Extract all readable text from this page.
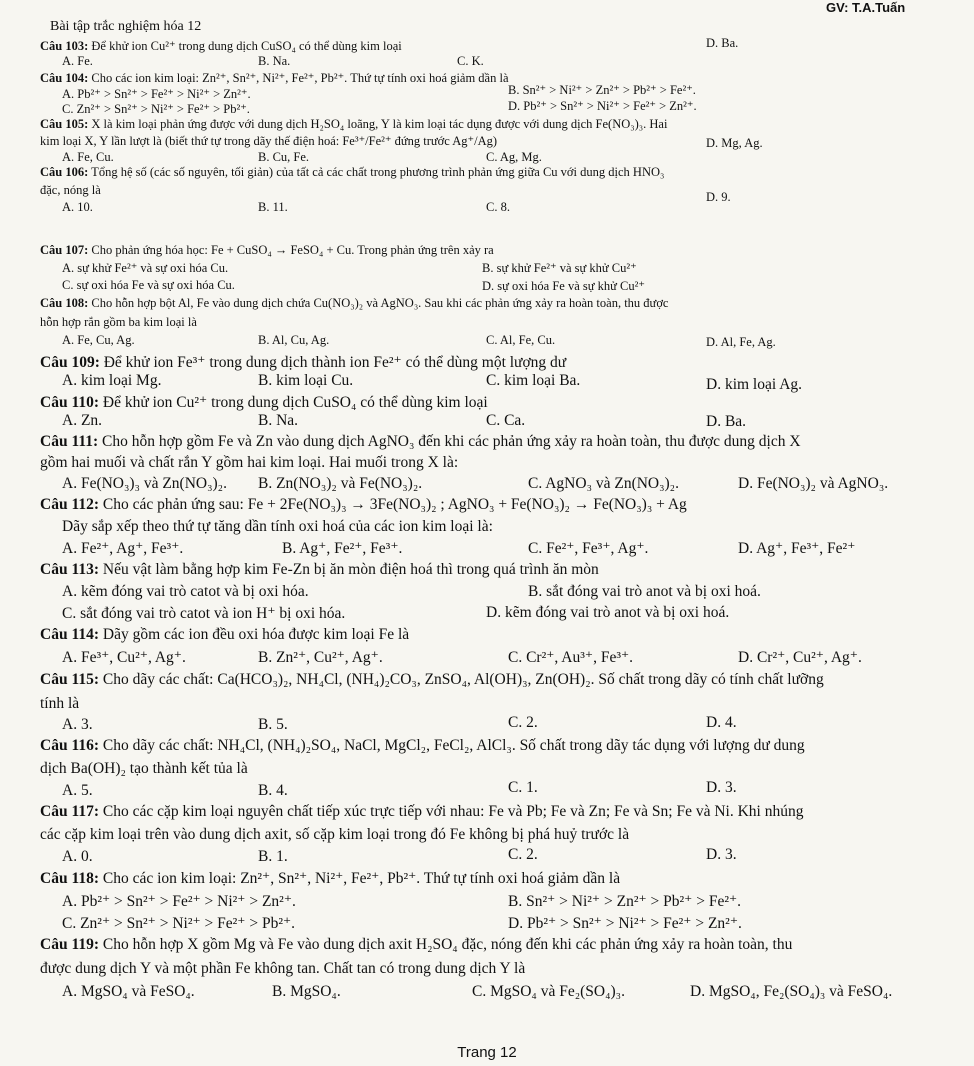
GV: T.A.Tuấn
Bài tập trắc nghiệm hóa 12
Câu 103: Để khử ion Cu²⁺ trong dung dịch CuSO₄ có thể dùng kim loại
A. Fe.	B. Na.	C. K.
D. Ba.
Câu 104: Cho các ion kim loại: Zn²⁺, Sn²⁺, Ni²⁺, Fe²⁺, Pb²⁺. Thứ tự tính oxi hoá giảm dần là
A. Pb²⁺ > Sn²⁺ > Fe²⁺ > Ni²⁺ > Zn²⁺.	B. Sn²⁺ > Ni²⁺ > Zn²⁺ > Pb²⁺ > Fe²⁺.
C. Zn²⁺ > Sn²⁺ > Ni²⁺ > Fe²⁺ > Pb²⁺.	D. Pb²⁺ > Sn²⁺ > Ni²⁺ > Fe²⁺ > Zn²⁺.
Câu 105: X là kim loại phản ứng được với dung dịch H₂SO₄ loãng, Y là kim loại tác dụng được với dung dịch Fe(NO₃)₃. Hai
kim loại X, Y lần lượt là (biết thứ tự trong dãy thế điện hoá: Fe³⁺/Fe²⁺ đứng trước Ag⁺/Ag)
A. Fe, Cu.	B. Cu, Fe.	C. Ag, Mg.
D. Mg, Ag.
Câu 106: Tổng hệ số (các số nguyên, tối giản) của tất cả các chất trong phương trình phản ứng giữa Cu với dung dịch HNO₃
đặc, nóng là
A. 10.	B. 11.	C. 8.
D. 9.
Câu 107: Cho phản ứng hóa học: Fe + CuSO₄ → FeSO₄ + Cu. Trong phản ứng trên xảy ra
A. sự khử Fe²⁺ và sự oxi hóa Cu.	B. sự khử Fe²⁺ và sự khử Cu²⁺
C. sự oxi hóa Fe và sự oxi hóa Cu.	D. sự oxi hóa Fe và sự khử Cu²⁺
Câu 108: Cho hỗn hợp bột Al, Fe vào dung dịch chứa Cu(NO₃)₂ và AgNO₃. Sau khi các phản ứng xảy ra hoàn toàn, thu được
hỗn hợp rắn gồm ba kim loại là
A. Fe, Cu, Ag.	B. Al, Cu, Ag.	C. Al, Fe, Cu.	D. Al, Fe, Ag.
Câu 109: Để khử ion Fe³⁺ trong dung dịch thành ion Fe²⁺ có thể dùng một lượng dư
A. kim loại Mg.	B. kim loại Cu.	C. kim loại Ba.	D. kim loại Ag.
Câu 110: Để khử ion Cu²⁺ trong dung dịch CuSO₄ có thể dùng kim loại
A. Zn.	B. Na.	C. Ca.	D. Ba.
Câu 111: Cho hỗn hợp gồm Fe và Zn vào dung dịch AgNO₃ đến khi các phản ứng xảy ra hoàn toàn, thu được dung dịch X
gồm hai muối và chất rắn Y gồm hai kim loại. Hai muối trong X là:
A. Fe(NO₃)₃ và Zn(NO₃)₂. B. Zn(NO₃)₂ và Fe(NO₃)₂.	C. AgNO₃ và Zn(NO₃)₂.	D. Fe(NO₃)₂ và AgNO₃.
Câu 112: Cho các phản ứng sau: Fe + 2Fe(NO₃)₃ → 3Fe(NO₃)₂ ; AgNO₃ + Fe(NO₃)₂ → Fe(NO₃)₃ + Ag
Dãy sắp xếp theo thứ tự tăng dần tính oxi hoá của các ion kim loại là:
A. Fe²⁺, Ag⁺, Fe³⁺.	B. Ag⁺, Fe²⁺, Fe³⁺.	C. Fe²⁺, Fe³⁺, Ag⁺.	D. Ag⁺, Fe³⁺, Fe²⁺
Câu 113: Nếu vật làm bằng hợp kim Fe-Zn bị ăn mòn điện hoá thì trong quá trình ăn mòn
A. kẽm đóng vai trò catot và bị oxi hóa.	B. sắt đóng vai trò anot và bị oxi hoá.
C. sắt đóng vai trò catot và ion H⁺ bị oxi hóa.	D. kẽm đóng vai trò anot và bị oxi hoá.
Câu 114: Dãy gồm các ion đều oxi hóa được kim loại Fe là
A. Fe³⁺, Cu²⁺, Ag⁺.	B. Zn²⁺, Cu²⁺, Ag⁺.	C. Cr²⁺, Au³⁺, Fe³⁺.	D. Cr²⁺, Cu²⁺, Ag⁺.
Câu 115: Cho dãy các chất: Ca(HCO₃)₂, NH₄Cl, (NH₄)₂CO₃, ZnSO₄, Al(OH)₃, Zn(OH)₂. Số chất trong dãy có tính chất lưỡng
tính là
A. 3.	B. 5.	C. 2.	D. 4.
Câu 116: Cho dãy các chất: NH₄Cl, (NH₄)₂SO₄, NaCl, MgCl₂, FeCl₂, AlCl₃. Số chất trong dãy tác dụng với lượng dư dung
dịch Ba(OH)₂ tạo thành kết tủa là
A. 5.	B. 4.	C. 1.	D. 3.
Câu 117: Cho các cặp kim loại nguyên chất tiếp xúc trực tiếp với nhau: Fe và Pb; Fe và Zn; Fe và Sn; Fe và Ni. Khi nhúng
các cặp kim loại trên vào dung dịch axit, số cặp kim loại trong đó Fe không bị phá huỷ trước là
A. 0.	B. 1.	C. 2.	D. 3.
Câu 118: Cho các ion kim loại: Zn²⁺, Sn²⁺, Ni²⁺, Fe²⁺, Pb²⁺. Thứ tự tính oxi hoá giảm dần là
A. Pb²⁺ > Sn²⁺ > Fe²⁺ > Ni²⁺ > Zn²⁺.	B. Sn²⁺ > Ni²⁺ > Zn²⁺ > Pb²⁺ > Fe²⁺.
C. Zn²⁺ > Sn²⁺ > Ni²⁺ > Fe²⁺ > Pb²⁺.	D. Pb²⁺ > Sn²⁺ > Ni²⁺ > Fe²⁺ > Zn²⁺.
Câu 119: Cho hỗn hợp X gồm Mg và Fe vào dung dịch axit H₂SO₄ đặc, nóng đến khi các phản ứng xảy ra hoàn toàn, thu
được dung dịch Y và một phần Fe không tan. Chất tan có trong dung dịch Y là
A. MgSO₄ và FeSO₄.	B. MgSO₄.	C. MgSO₄ và Fe₂(SO₄)₃.	D. MgSO₄, Fe₂(SO₄)₃ và FeSO₄.
Trang 12
